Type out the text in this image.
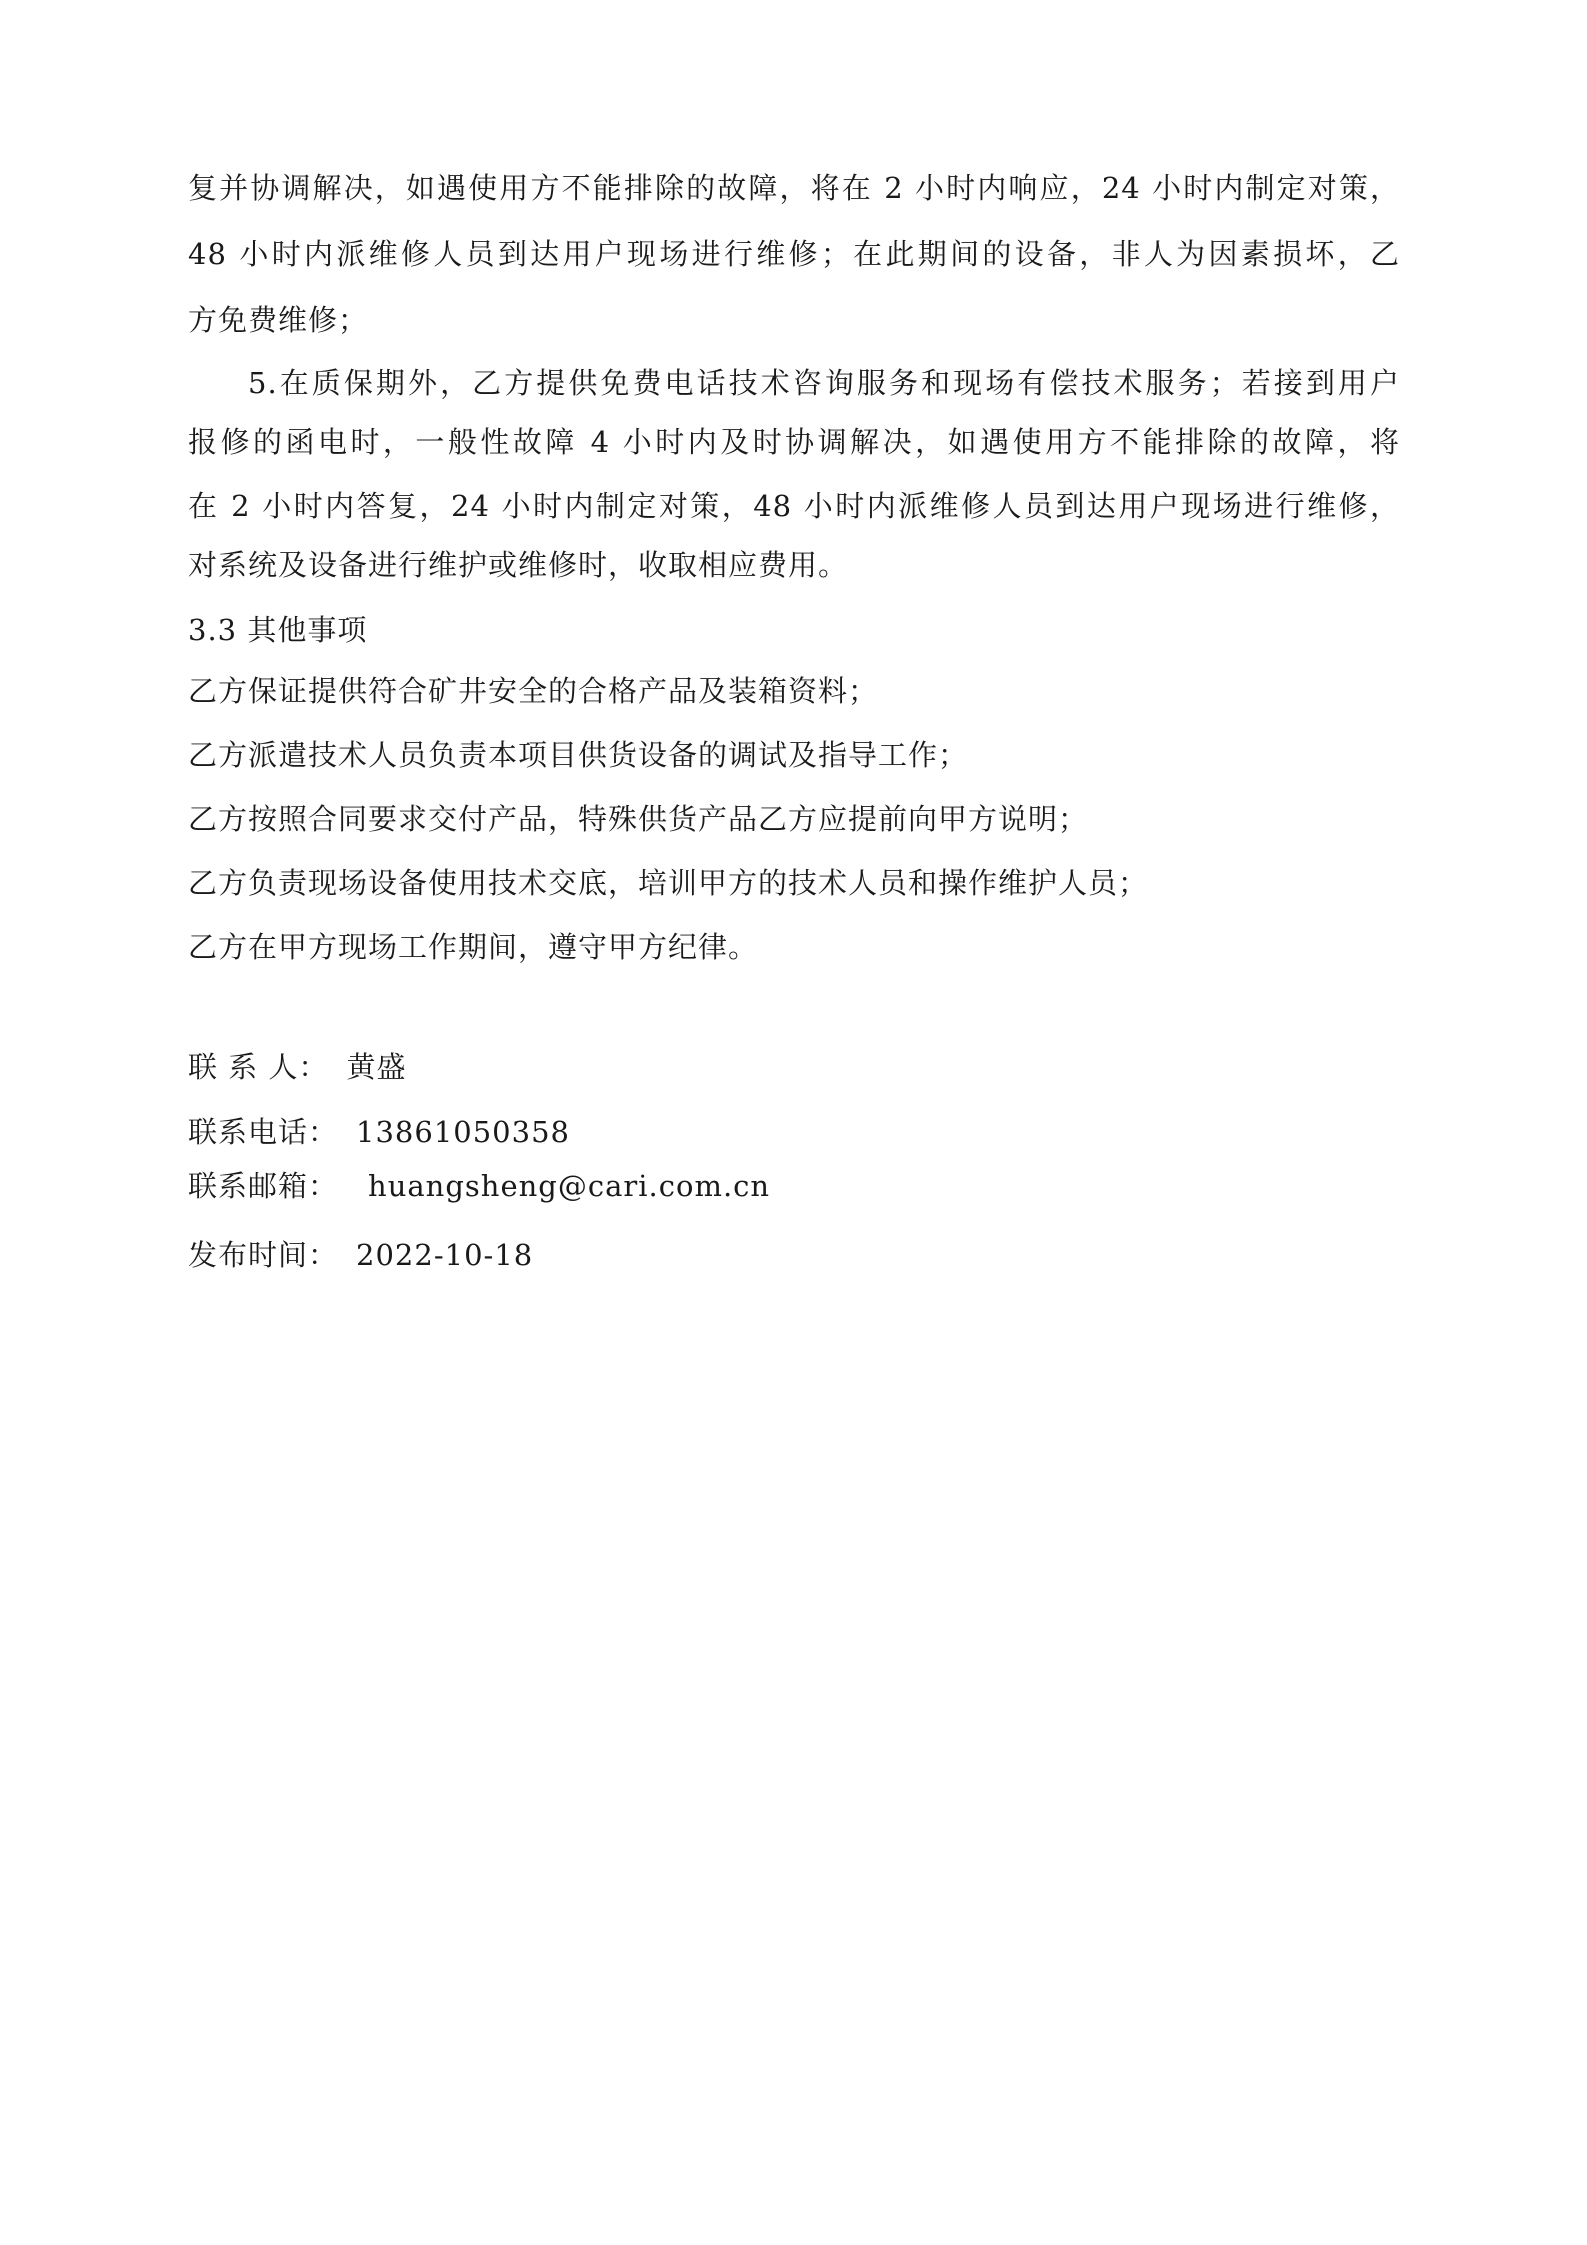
复并协调解决，如遇使用方不能排除的故障，将在 2 小时内响应，24 小时内制定对策，
48 小时内派维修人员到达用户现场进行维修；在此期间的设备，非人为因素损坏，乙
方免费维修；
5.在质保期外，乙方提供免费电话技术咨询服务和现场有偿技术服务；若接到用户
报修的函电时，一般性故障 4 小时内及时协调解决，如遇使用方不能排除的故障，将
在 2 小时内答复，24 小时内制定对策，48 小时内派维修人员到达用户现场进行维修，
对系统及设备进行维护或维修时，收取相应费用。
3.3 其他事项
乙方保证提供符合矿井安全的合格产品及装箱资料；
乙方派遣技术人员负责本项目供货设备的调试及指导工作；
乙方按照合同要求交付产品，特殊供货产品乙方应提前向甲方说明；
乙方负责现场设备使用技术交底，培训甲方的技术人员和操作维护人员；
乙方在甲方现场工作期间，遵守甲方纪律。
联 系 人： 黄盛
联系电话： 13861050358
联系邮箱： huangsheng@cari.com.cn
发布时间： 2022-10-18
